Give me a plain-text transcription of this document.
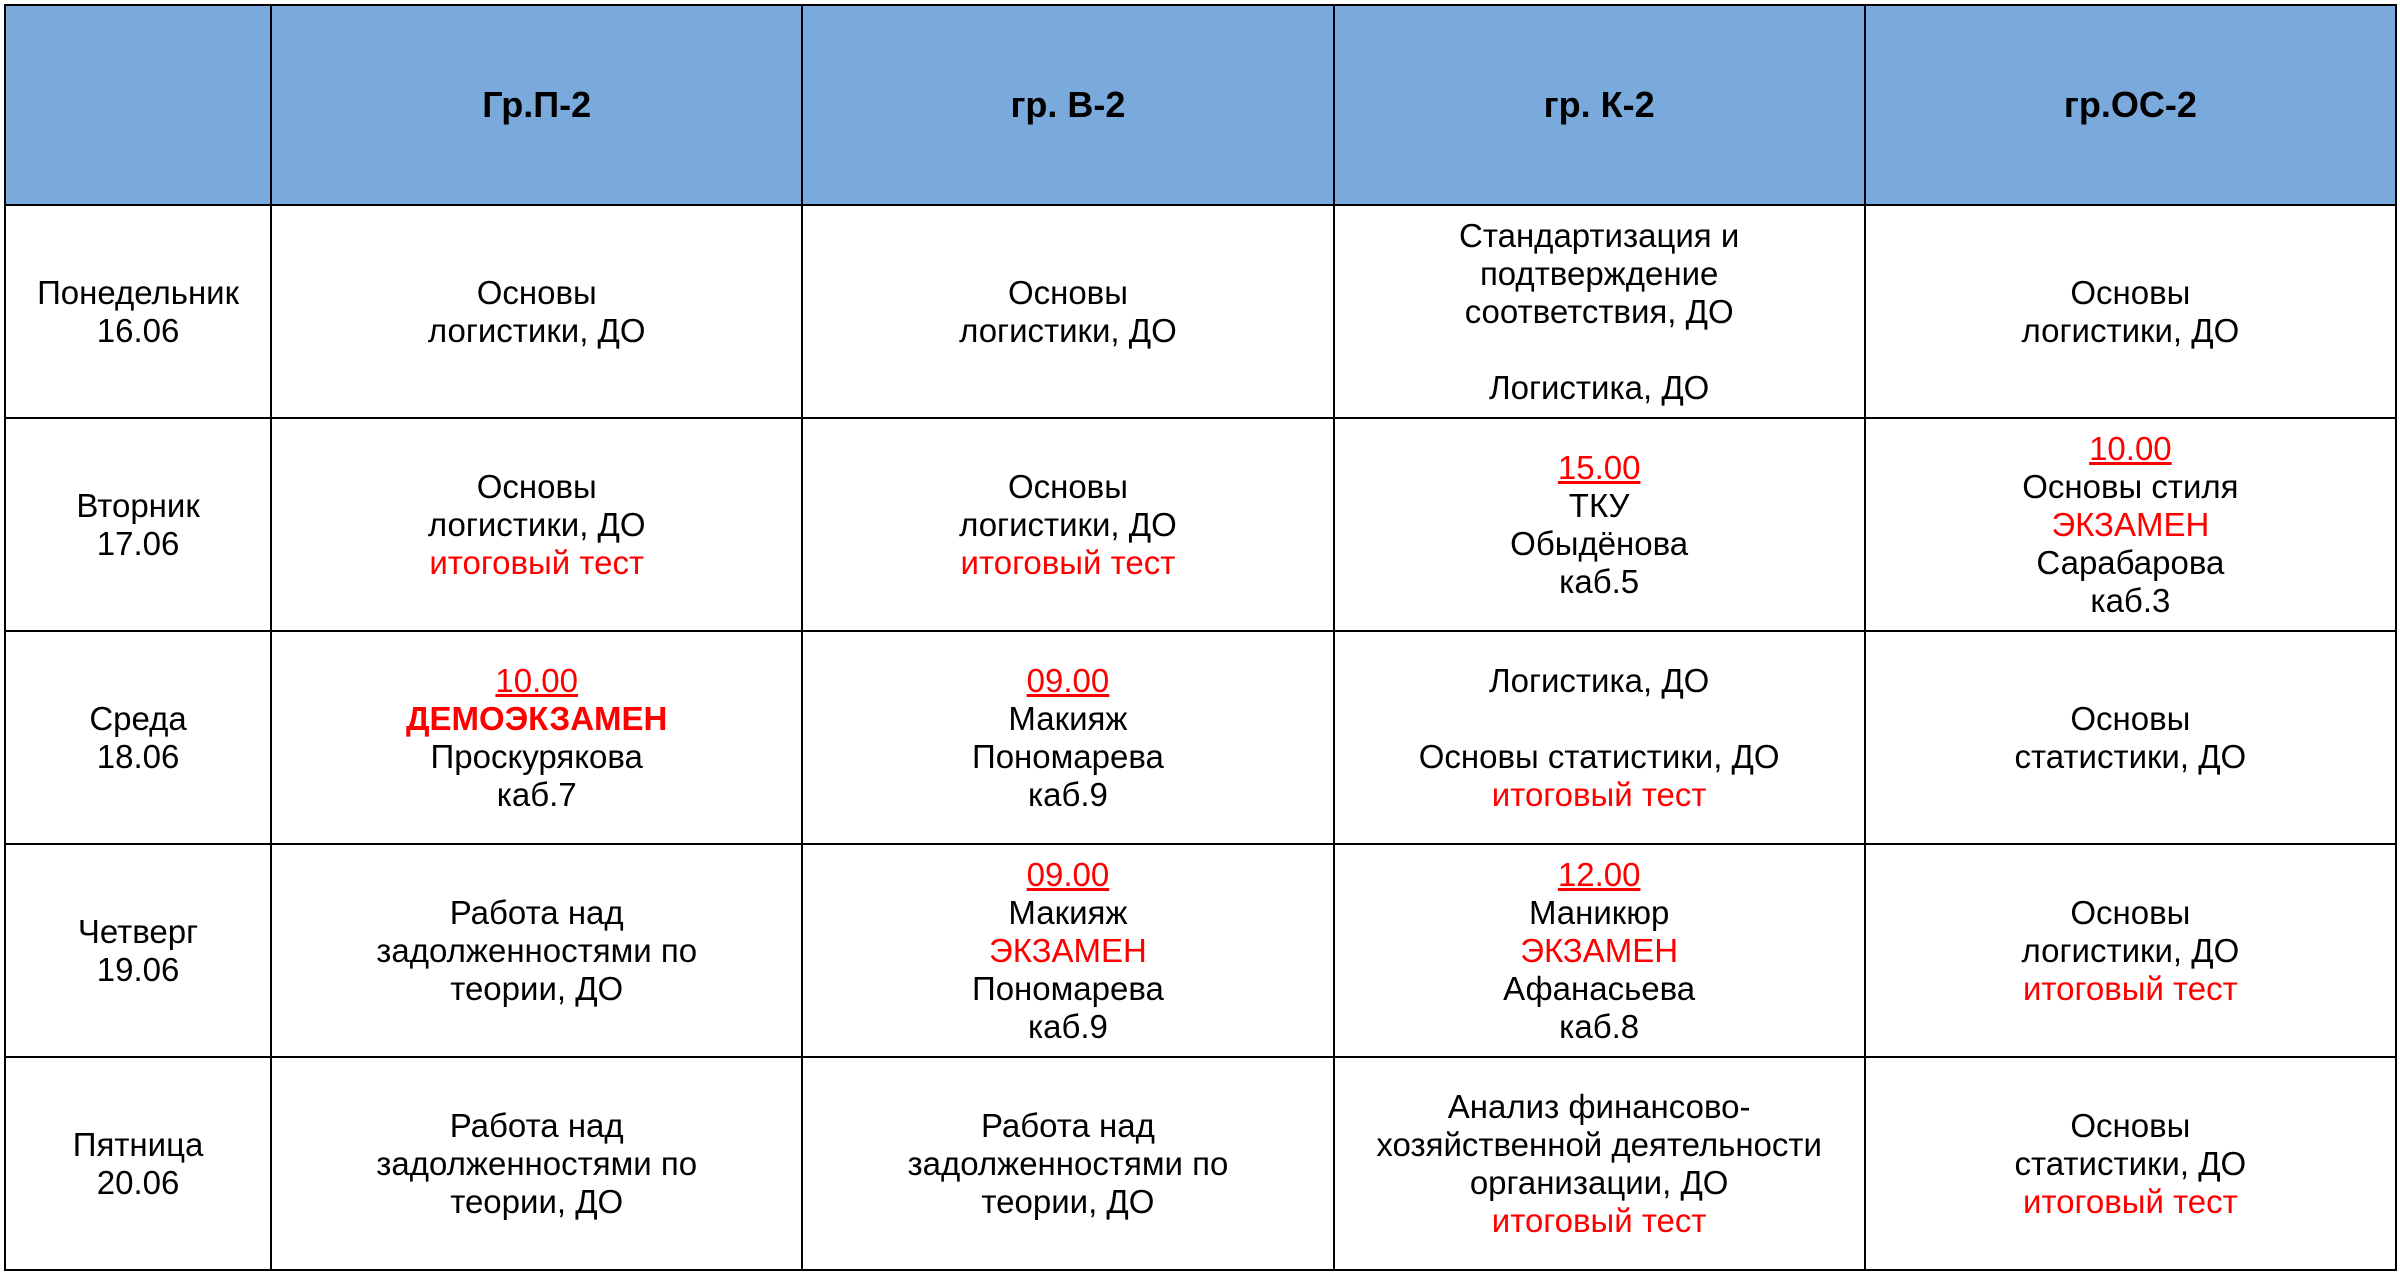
	Гр.П-2	гр. В-2	гр. К-2	гр.ОС-2

Понедельник
16.06	Основы
логистики, ДО	Основы
логистики, ДО	Стандартизация и
подтверждение
соответствия, ДО
Логистика, ДО	Основы
логистики, ДО

Вторник
17.06	Основы
логистики, ДО
итоговый тест	Основы
логистики, ДО
итоговый тест	15.00
ТКУ
Обыдёнова
каб.5	10.00
Основы стиля
ЭКЗАМЕН
Сарабарова
каб.3

Среда
18.06	10.00
ДЕМОЭКЗАМЕН
Проскурякова
каб.7	09.00
Макияж
Пономарева
каб.9	Логистика, ДО
Основы статистики, ДО
итоговый тест	Основы
статистики, ДО

Четверг
19.06	Работа над
задолженностями по
теории, ДО	09.00
Макияж
ЭКЗАМЕН
Пономарева
каб.9	12.00
Маникюр
ЭКЗАМЕН
Афанасьева
каб.8	Основы
логистики, ДО
итоговый тест

Пятница
20.06	Работа над
задолженностями по
теории, ДО	Работа над
задолженностями по
теории, ДО	Анализ финансово-
хозяйственной деятельности
организации, ДО
итоговый тест	Основы
статистики, ДО
итоговый тест
